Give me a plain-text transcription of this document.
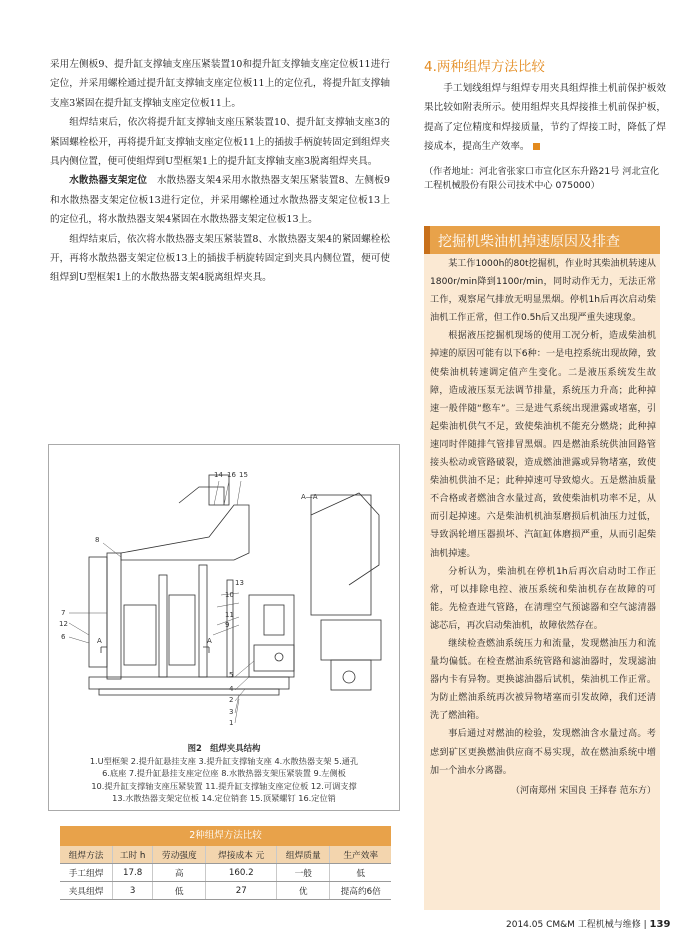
采用左侧板9、提升缸支撑轴支座压紧装置10和提升缸支撑轴支座定位板11进行定位，并采用螺栓通过提升缸支撑轴支座定位板11上的定位孔，将提升缸支撑轴支座3紧固在提升缸支撑轴支座定位板11上。

组焊结束后，依次将提升缸支撑轴支座压紧装置10、提升缸支撑轴支座3的紧固螺栓松开，再将提升缸支撑轴支座定位板11上的插拔手柄旋转固定到组焊夹具内侧位置，便可使组焊到U型框架1上的提升缸支撑轴支座3脱离组焊夹具。

水散热器支架定位　 水散热器支架4采用水散热器支架压紧装置8、左侧板9和水散热器支架定位板13进行定位，并采用螺栓通过水散热器支架定位板13上的定位孔，将水散热器支架4紧固在水散热器支架定位板13上。

组焊结束后，依次将水散热器支架压紧装置8、水散热器支架4的紧固螺栓松开，再将水散热器支架定位板13上的插拔手柄旋转固定到夹具内侧位置，便可使组焊到U型框架1上的水散热器支架4脱离组焊夹具。

14 16 15
A—A
8
7
12
6	A	A
13
10
11
9
5
4
2
3
1
图2　组焊夹具结构
1.U型框架 2.提升缸悬挂支座 3.提升缸支撑轴支座 4.水散热器支架 5.通孔
6.底座 7.提升缸悬挂支座定位座 8.水散热器支架压紧装置 9.左侧板
10.提升缸支撑轴支座压紧装置 11.提升缸支撑轴支座定位板 12.可调支撑
13.水散热器支架定位板 14.定位销套 15.顶紧螺钉 16.定位销
2种组焊方法比较
组焊方法	工时 h	劳动强度	焊接成本 元	组焊质量	生产效率
手工组焊	17.8	高	160.2	一般	低
夹具组焊	3	低	27	优	提高约6倍
4.两种组焊方法比较

手工划线组焊与组焊专用夹具组焊推土机前保护板效果比较如附表所示。使用组焊夹具焊接推土机前保护板，提高了定位精度和焊接质量，节约了焊接工时，降低了焊接成本，提高生产效率。

（作者地址：河北省张家口市宣化区东升路21号 河北宣化工程机械股份有限公司技术中心 075000）
挖掘机柴油机掉速原因及排查

某工作1000h的80t挖掘机，作业时其柴油机转速从1800r/min降到1100r/min，同时动作无力，无法正常工作，观察尾气排放无明显黑烟。停机1h后再次启动柴油机工作正常，但工作0.5h后又出现严重失速现象。

根据液压挖掘机现场的使用工况分析，造成柴油机掉速的原因可能有以下6种：一是电控系统出现故障，致使柴油机转速调定值产生变化。二是液压系统发生故障，造成液压泵无法调节排量，系统压力升高；此种掉速一般伴随“憋车”。三是进气系统出现泄露或堵塞，引起柴油机供气不足，致使柴油机不能充分燃烧；此种掉速同时伴随排气管排冒黑烟。四是燃油系统供油回路管接头松动或管路破裂，造成燃油泄露或异物堵塞，致使柴油机供油不足；此种掉速可导致熄火。五是燃油质量不合格或者燃油含水量过高，致使柴油机功率不足，从而引起掉速。六是柴油机机油泵磨损后机油压力过低，导致涡轮增压器损坏、汽缸缸体磨损严重，从而引起柴油机掉速。

分析认为，柴油机在停机1h后再次启动时工作正常，可以排除电控、液压系统和柴油机存在故障的可能。先检查进气管路，在清理空气预滤器和空气滤清器滤芯后，再次启动柴油机，故障依然存在。

继续检查燃油系统压力和流量，发现燃油压力和流量均偏低。在检查燃油系统管路和滤油器时，发现滤油器内卡有异物。更换滤油器后试机，柴油机工作正常。为防止燃油系统再次被异物堵塞而引发故障，我们还清洗了燃油箱。

事后通过对燃油的检验，发现燃油含水量过高。考虑到矿区更换燃油供应商不易实现，故在燃油系统中增加一个油水分离器。

（河南郑州 宋国良 王择春 范东方）

2014.05 CM&M 工程机械与维修 | 139
